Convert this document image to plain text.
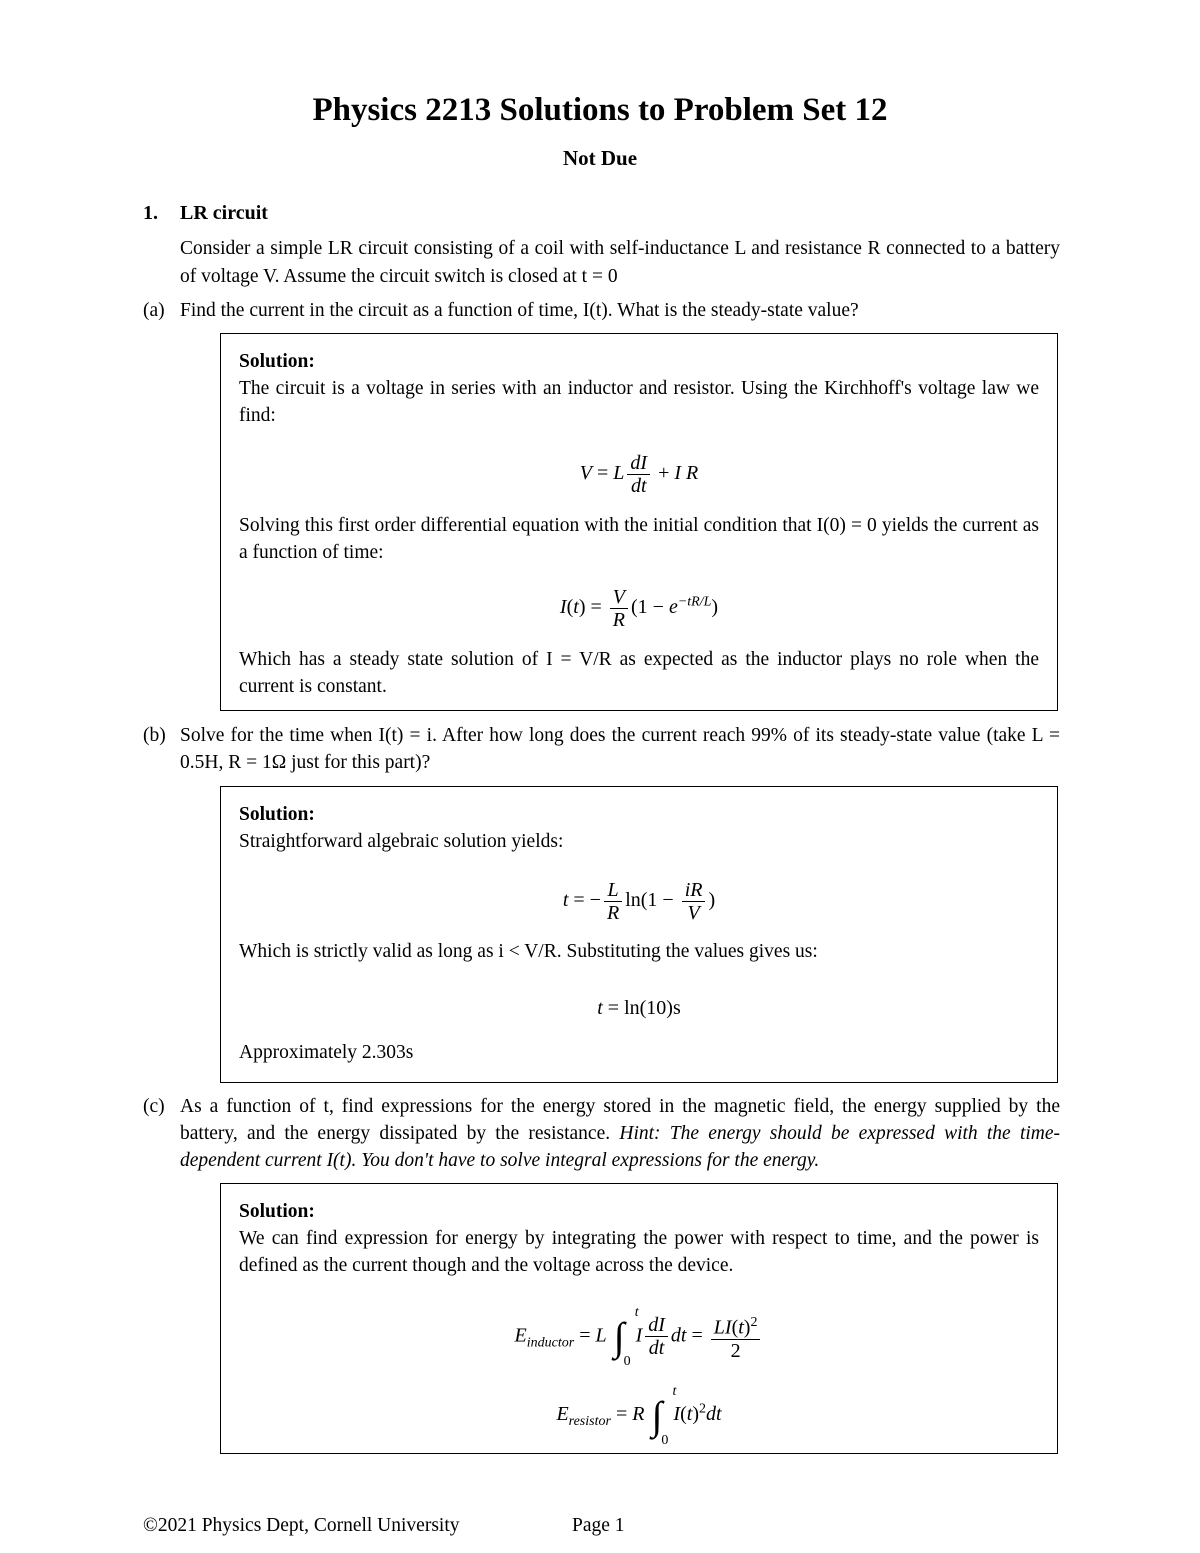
Physics 2213 Solutions to Problem Set 12
Not Due
1. LR circuit
Consider a simple LR circuit consisting of a coil with self-inductance L and resistance R connected to a battery of voltage V. Assume the circuit switch is closed at t = 0
(a) Find the current in the circuit as a function of time, I(t). What is the steady-state value?
Solution:
The circuit is a voltage in series with an inductor and resistor. Using the Kirchhoff's voltage law we find:
V = L $\frac{dI}{dt} + I$ R
Solving this first order differential equation with the initial condition that I(0) = 0 yields the current as a function of time:
$I(t) = \frac{V}{R} (1 - e^{-tR/L})$
Which has a steady state solution of I = V/R as expected as the inductor plays no role when the current is constant.
(b) Solve for the time when I(t) = i. After how long does the current reach 99% of its steady-state value (take L = 0.5H, R = 1Ω just for this part)?
Solution:
Straightforward algebraic solution yields:
t = − $\frac{L}{R} \ln(1 - \frac{iR}{V}$ )
Which is strictly valid as long as i < V/R. Substituting the values gives us:
t = ln(10)s
Approximately 2.303s
(c) As a function of t, find expressions for the energy stored in the magnetic field, the energy supplied by the battery, and the energy dissipated by the resistance. Hint: The energy should be expressed with the time-dependent current I(t). You don't have to solve integral expressions for the energy.
Solution:
We can find expression for energy by integrating the power with respect to time, and the power is defined as the current though and the voltage across the device.
$E_{inductor} = L$ ∫
t
0
I $\frac{dI}{dt}$ dt = $\frac{LI(t)^2}{2}$
$E_{resistor} = R$ ∫
t
0
$I(t)^2dt$
©2021 Physics Dept, Cornell University	Page 1
